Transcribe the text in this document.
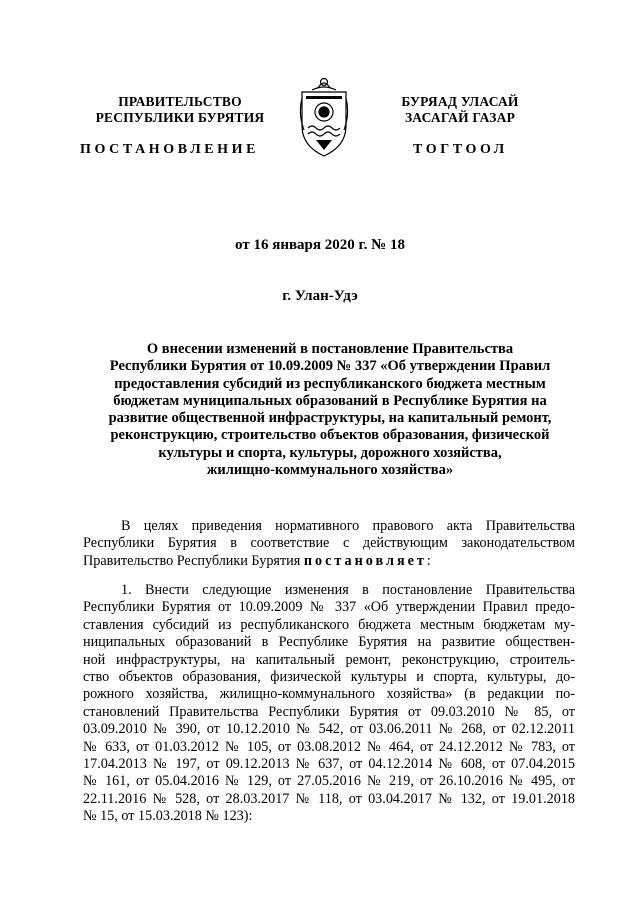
ПРАВИТЕЛЬСТВО
РЕСПУБЛИКИ БУРЯТИЯ
БУРЯАД УЛАСАЙ
ЗАСАГАЙ ГАЗАР
ПОСТАНОВЛЕНИЕ	ТОГТООЛ
от 16 января 2020 г. № 18
г. Улан-Удэ
О внесении изменений в постановление Правительства
Республики Бурятия от 10.09.2009 № 337 «Об утверждении Правил
предоставления субсидий из республиканского бюджета местным
бюджетам муниципальных образований в Республике Бурятия на
развитие общественной инфраструктуры, на капитальный ремонт,
реконструкцию, строительство объектов образования, физической
культуры и спорта, культуры, дорожного хозяйства,
жилищно-коммунального хозяйства»
В целях приведения нормативного правового акта Правительства
Республики Бурятия в соответствие с действующим законодательством
Правительство Республики Бурятия постановляет:
1. Внести следующие изменения в постановление Правительства
Республики Бурятия от 10.09.2009 № 337 «Об утверждении Правил предо-
ставления субсидий из республиканского бюджета местным бюджетам му-
ниципальных образований в Республике Бурятия на развитие обществен-
ной инфраструктуры, на капитальный ремонт, реконструкцию, строитель-
ство объектов образования, физической культуры и спорта, культуры, до-
рожного хозяйства, жилищно-коммунального хозяйства» (в редакции по-
становлений Правительства Республики Бурятия от 09.03.2010 № 85, от
03.09.2010 № 390, от 10.12.2010 № 542, от 03.06.2011 № 268, от 02.12.2011
№ 633, от 01.03.2012 № 105, от 03.08.2012 № 464, от 24.12.2012 № 783, от
17.04.2013 № 197, от 09.12.2013 № 637, от 04.12.2014 № 608, от 07.04.2015
№ 161, от 05.04.2016 № 129, от 27.05.2016 № 219, от 26.10.2016 № 495, от
22.11.2016 № 528, от 28.03.2017 № 118, от 03.04.2017 № 132, от 19.01.2018
№ 15, от 15.03.2018 № 123):
